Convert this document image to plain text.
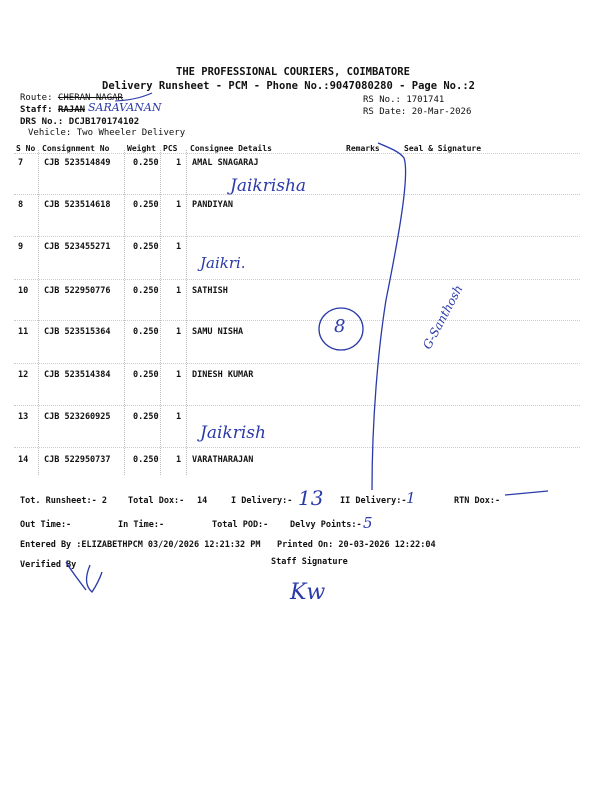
THE PROFESSIONAL COURIERS, COIMBATORE
Delivery Runsheet - PCM - Phone No.:9047080280 - Page No.:2
Route: CHERAN NAGAR
Staff: RAJAN
DRS No.: DCJB170174102
Vehicle: Two Wheeler Delivery
RS No.: 1701741
RS Date: 20-Mar-2026
S No Consignment No Weight PCS Consignee Details	Remarks	Seal & Signature
7 CJB 523514849	0.250 1 AMAL SNAGARAJ
8 CJB 523514618	0.250 1 PANDIYAN
9 CJB 523455271	0.250 1
10 CJB 522950776	0.250 1 SATHISH
11 CJB 523515364	0.250 1 SAMU NISHA
12 CJB 523514384	0.250 1 DINESH KUMAR
13 CJB 523260925	0.250 1
14 CJB 522950737	0.250 1 VARATHARAJAN
Tot. Runsheet:- 2 Total Dox:- 14	I Delivery:-	II Delivery:-	RTN Dox:-
Out Time:-	In Time:-	Total POD:-	Delvy Points:-
Entered By :ELIZABETHPCM 03/20/2026 12:21:32 PM Printed On: 20-03-2026 12:22:04
Verified By	Staff Signature
SARAVANAN
Jaikrisha
Jaikri.
Jaikrish
8	G-Santhosh
13	1
5
Kw
